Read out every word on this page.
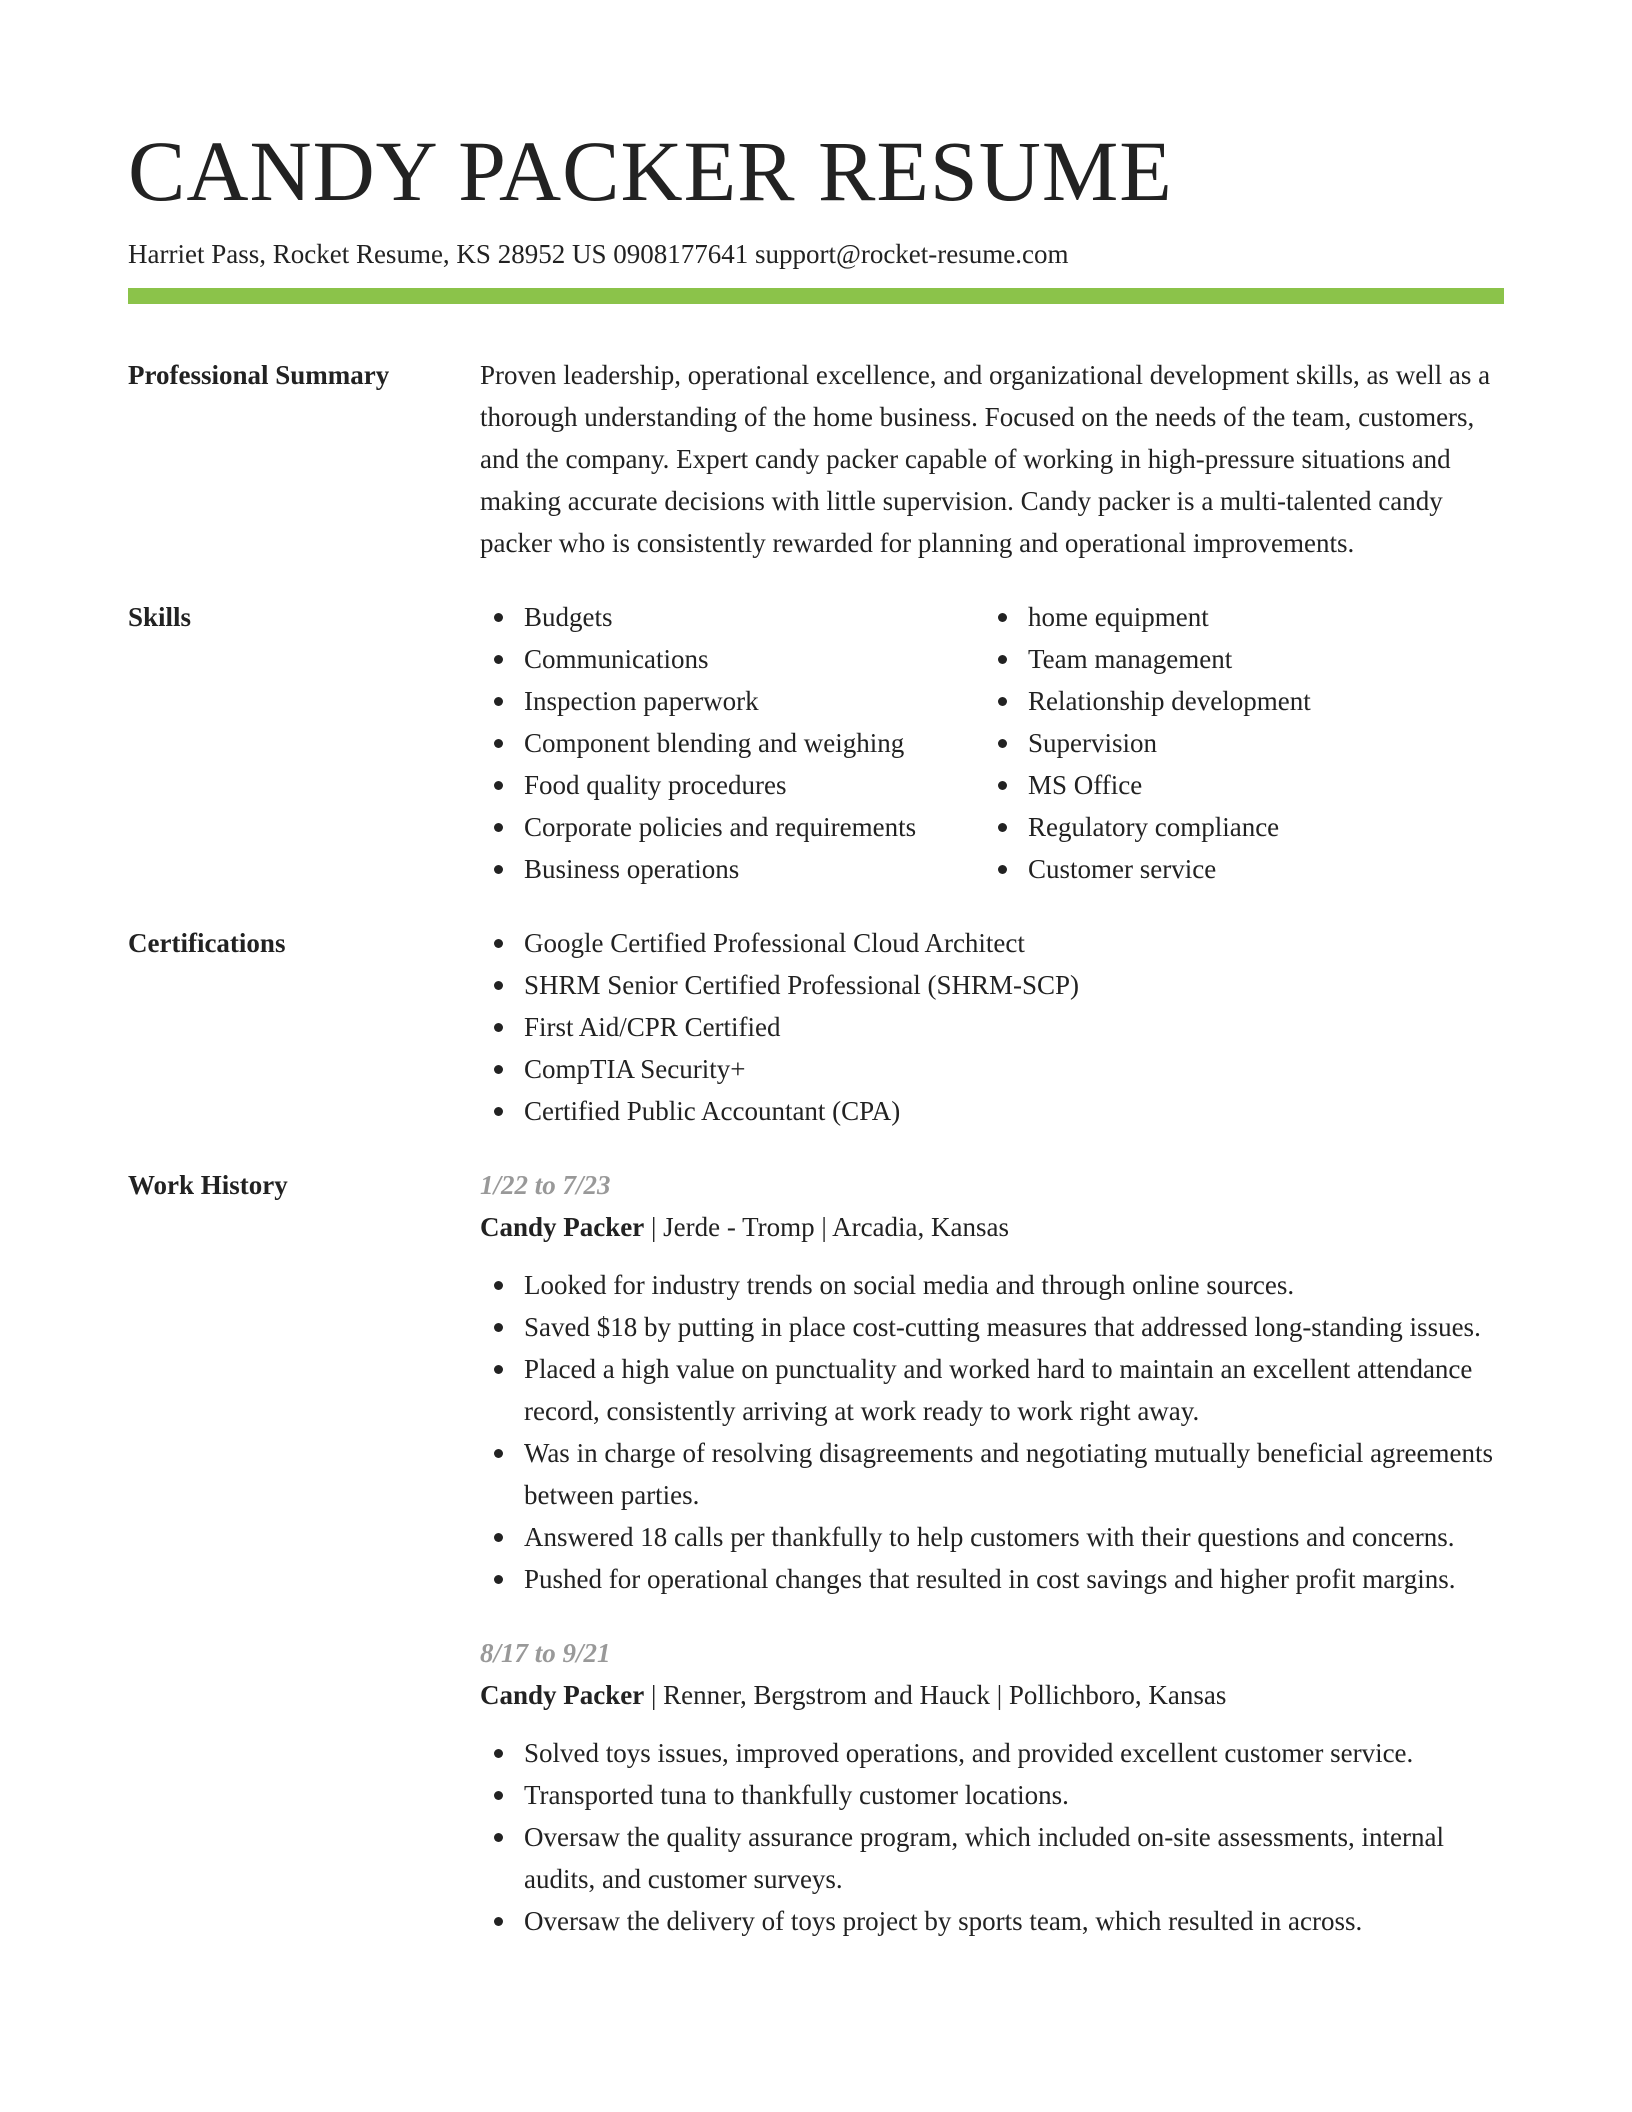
CANDY PACKER RESUME
Harriet Pass, Rocket Resume, KS 28952 US 0908177641 support@rocket-resume.com
Professional Summary	Proven leadership, operational excellence, and organizational development skills, as well as a thorough understanding of the home business. Focused on the needs of the team, customers, and the company. Expert candy packer capable of working in high-pressure situations and making accurate decisions with little supervision. Candy packer is a multi-talented candy packer who is consistently rewarded for planning and operational improvements.
Skills	Budgets
Communications
Inspection paperwork
Component blending and weighing
Food quality procedures
Corporate policies and requirements
Business operations
home equipment
Team management
Relationship development
Supervision
MS Office
Regulatory compliance
Customer service
Certifications	Google Certified Professional Cloud Architect
SHRM Senior Certified Professional (SHRM-SCP)
First Aid/CPR Certified
CompTIA Security+
Certified Public Accountant (CPA)
Work History	1/22 to 7/23
Candy Packer | Jerde - Tromp | Arcadia, Kansas
Looked for industry trends on social media and through online sources.
Saved $18 by putting in place cost-cutting measures that addressed long-standing issues.
Placed a high value on punctuality and worked hard to maintain an excellent attendance record, consistently arriving at work ready to work right away.
Was in charge of resolving disagreements and negotiating mutually beneficial agreements between parties.
Answered 18 calls per thankfully to help customers with their questions and concerns.
Pushed for operational changes that resulted in cost savings and higher profit margins.
8/17 to 9/21
Candy Packer | Renner, Bergstrom and Hauck | Pollichboro, Kansas
Solved toys issues, improved operations, and provided excellent customer service.
Transported tuna to thankfully customer locations.
Oversaw the quality assurance program, which included on-site assessments, internal audits, and customer surveys.
Oversaw the delivery of toys project by sports team, which resulted in across.
